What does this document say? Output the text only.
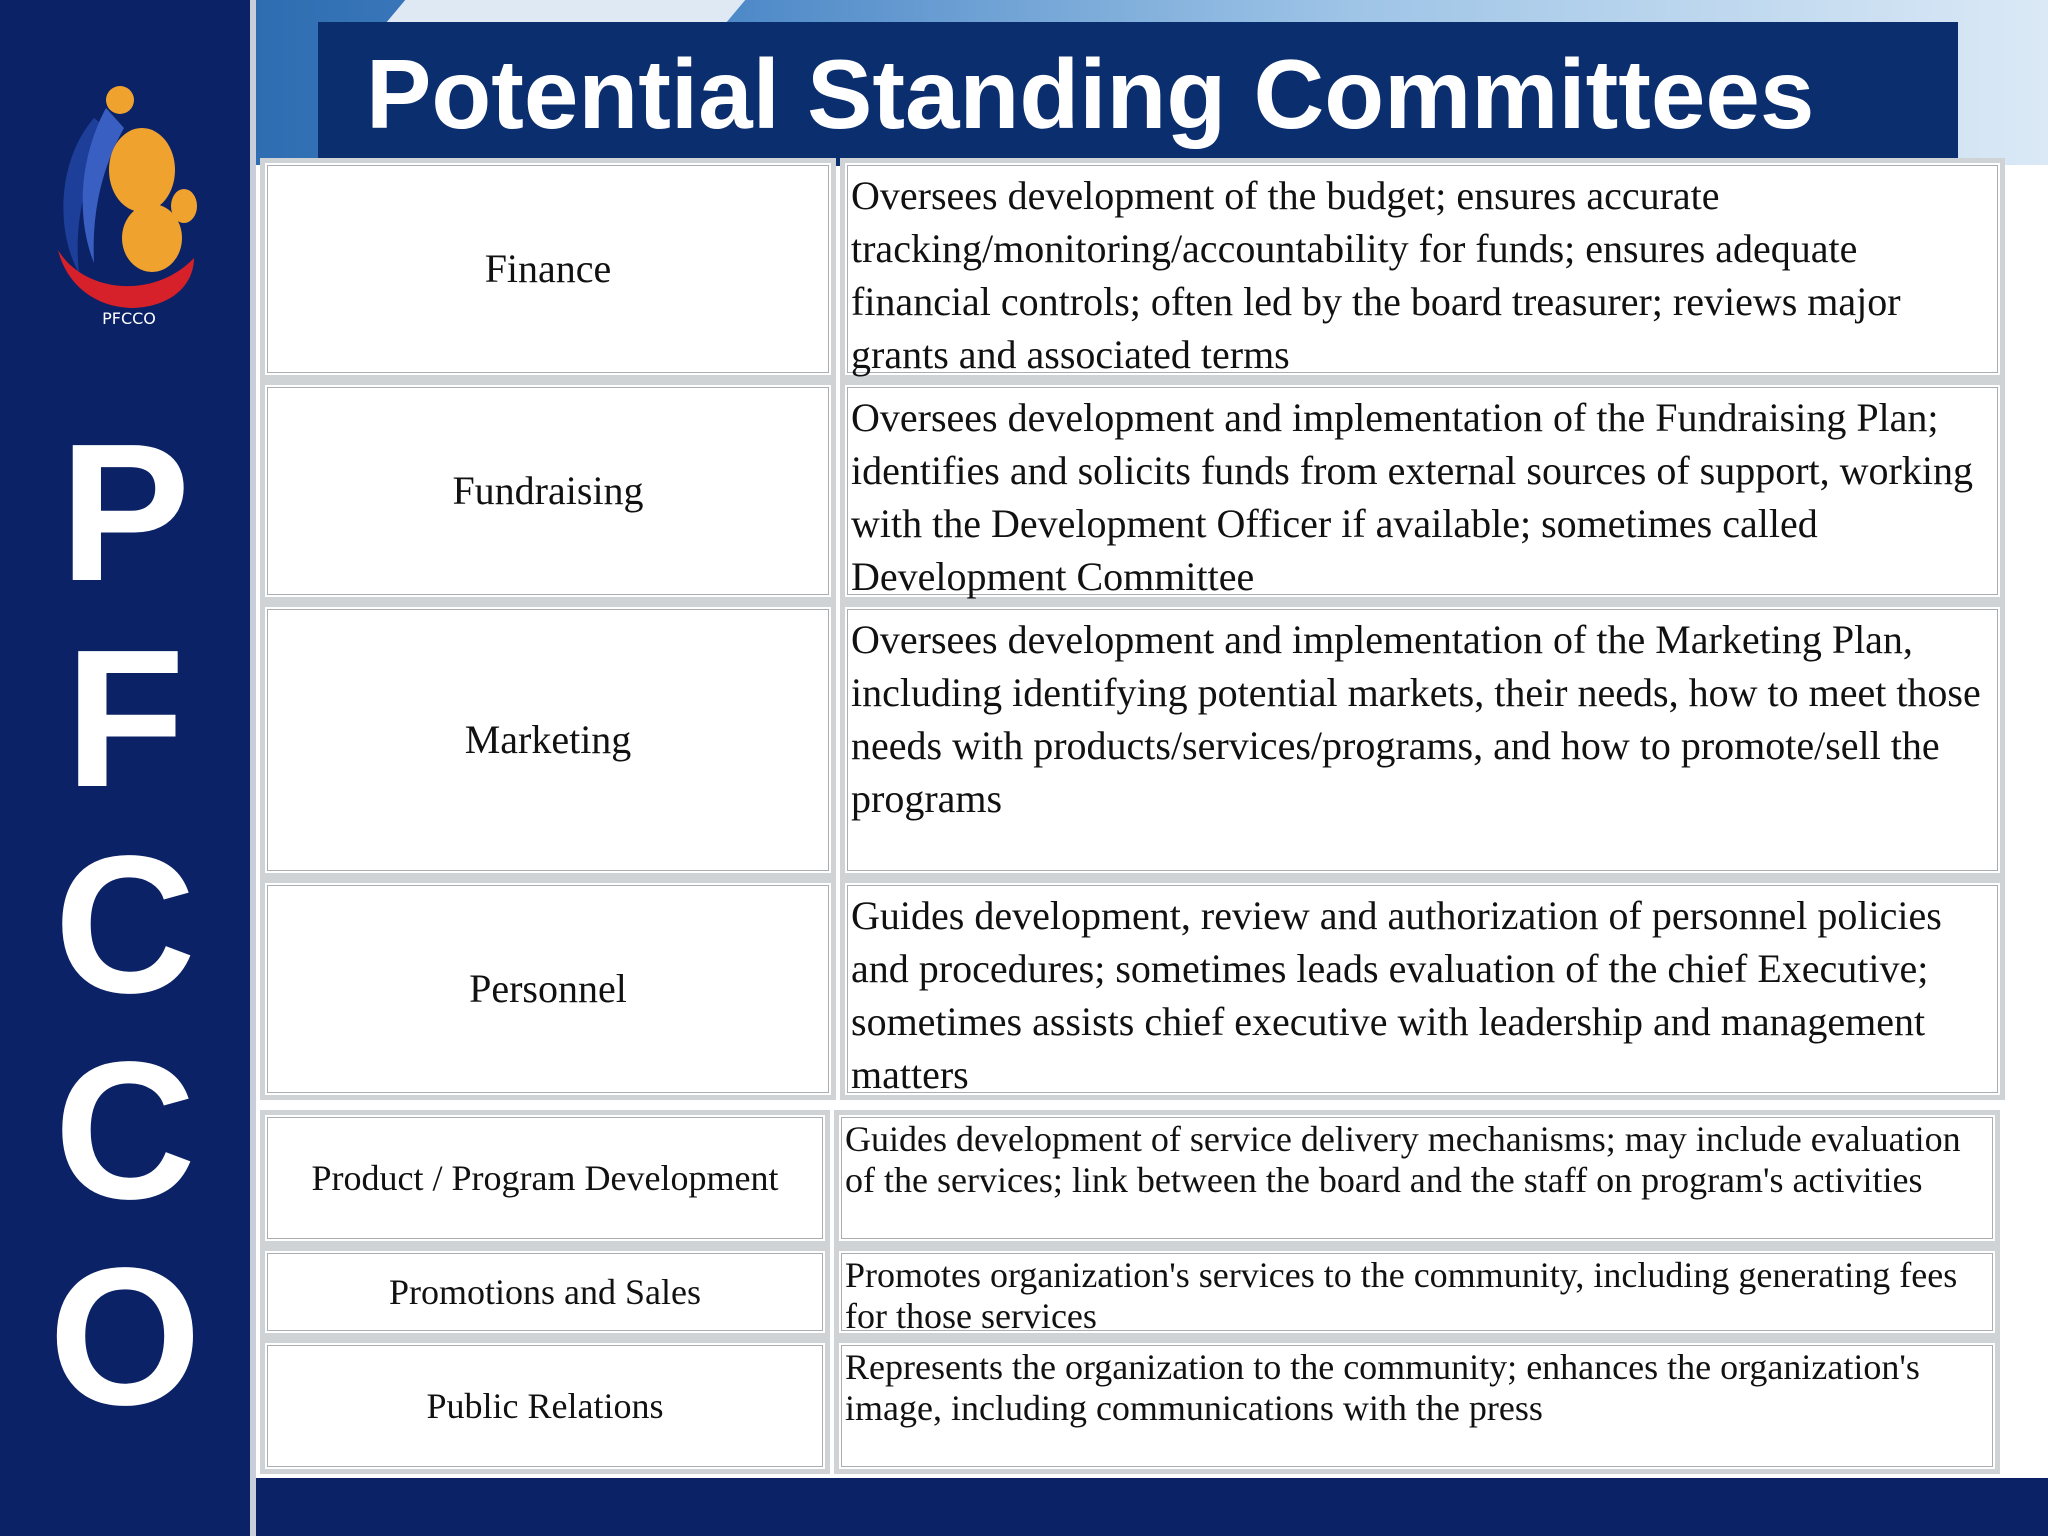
PFCCO
P
F
C
C
O
Potential Standing Committees
Finance
Oversees development of the budget; ensures accurate tracking/monitoring/accountability for funds; ensures adequate financial controls; often led by the board treasurer; reviews major grants and associated terms
Fundraising
Oversees development and implementation of the Fundraising Plan; identifies and solicits funds from external sources of support, working with the Development Officer if available; sometimes called Development Committee
Marketing
Oversees development and implementation of the Marketing Plan, including identifying potential markets, their needs, how to meet those needs with products/services/programs, and how to promote/sell the programs
Personnel
Guides development, review and authorization of personnel policies and procedures; sometimes leads evaluation of the chief Executive; sometimes assists chief executive with leadership and management matters
Product / Program Development
Guides development of service delivery mechanisms; may include evaluation of the services; link between the board and the staff on program's activities
Promotions and Sales	Promotes organization's services to the community, including generating fees for those services
Public Relations
Represents the organization to the community; enhances the organization's image, including communications with the press
